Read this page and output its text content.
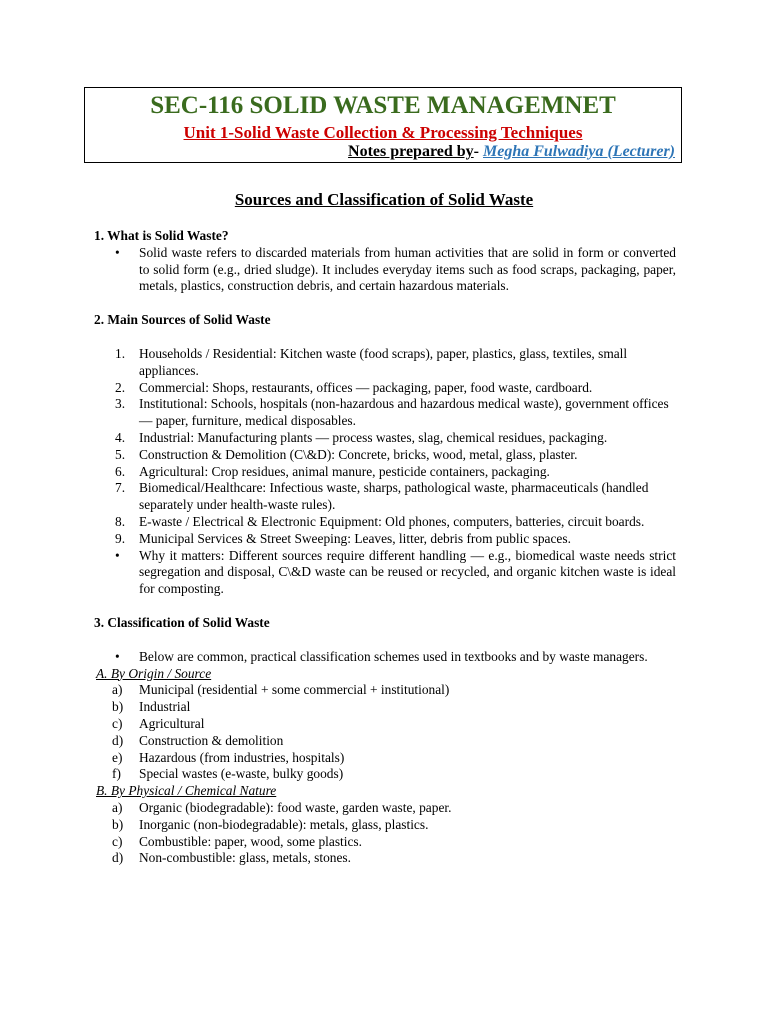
SEC-116 SOLID WASTE MANAGEMNET
Unit 1-Solid Waste Collection & Processing Techniques
Notes prepared by- Megha Fulwadiya (Lecturer)
Sources and Classification of Solid Waste

1. What is Solid Waste?

• Solid waste refers to discarded materials from human activities that are solid in form or converted to solid form (e.g., dried sludge). It includes everyday items such as food scraps, packaging, paper, metals, plastics, construction debris, and certain hazardous materials.

2. Main Sources of Solid Waste

1. Households / Residential: Kitchen waste (food scraps), paper, plastics, glass, textiles, small appliances.
2. Commercial: Shops, restaurants, offices — packaging, paper, food waste, cardboard.
3. Institutional: Schools, hospitals (non-hazardous and hazardous medical waste), government offices — paper, furniture, medical disposables.
4. Industrial: Manufacturing plants — process wastes, slag, chemical residues, packaging.
5. Construction & Demolition (C\&D): Concrete, bricks, wood, metal, glass, plaster.
6. Agricultural: Crop residues, animal manure, pesticide containers, packaging.
7. Biomedical/Healthcare: Infectious waste, sharps, pathological waste, pharmaceuticals (handled separately under health-waste rules).
8. E-waste / Electrical & Electronic Equipment: Old phones, computers, batteries, circuit boards.
9. Municipal Services & Street Sweeping: Leaves, litter, debris from public spaces.
• Why it matters: Different sources require different handling — e.g., biomedical waste needs strict segregation and disposal, C\&D waste can be reused or recycled, and organic kitchen waste is ideal for composting.

3. Classification of Solid Waste

• Below are common, practical classification schemes used in textbooks and by waste managers.

A. By Origin / Source

a) Municipal (residential + some commercial + institutional)
b) Industrial
c) Agricultural
d) Construction & demolition
e) Hazardous (from industries, hospitals)
f) Special wastes (e-waste, bulky goods)

B. By Physical / Chemical Nature

a) Organic (biodegradable): food waste, garden waste, paper.
b) Inorganic (non-biodegradable): metals, glass, plastics.
c) Combustible: paper, wood, some plastics.
d) Non-combustible: glass, metals, stones.
